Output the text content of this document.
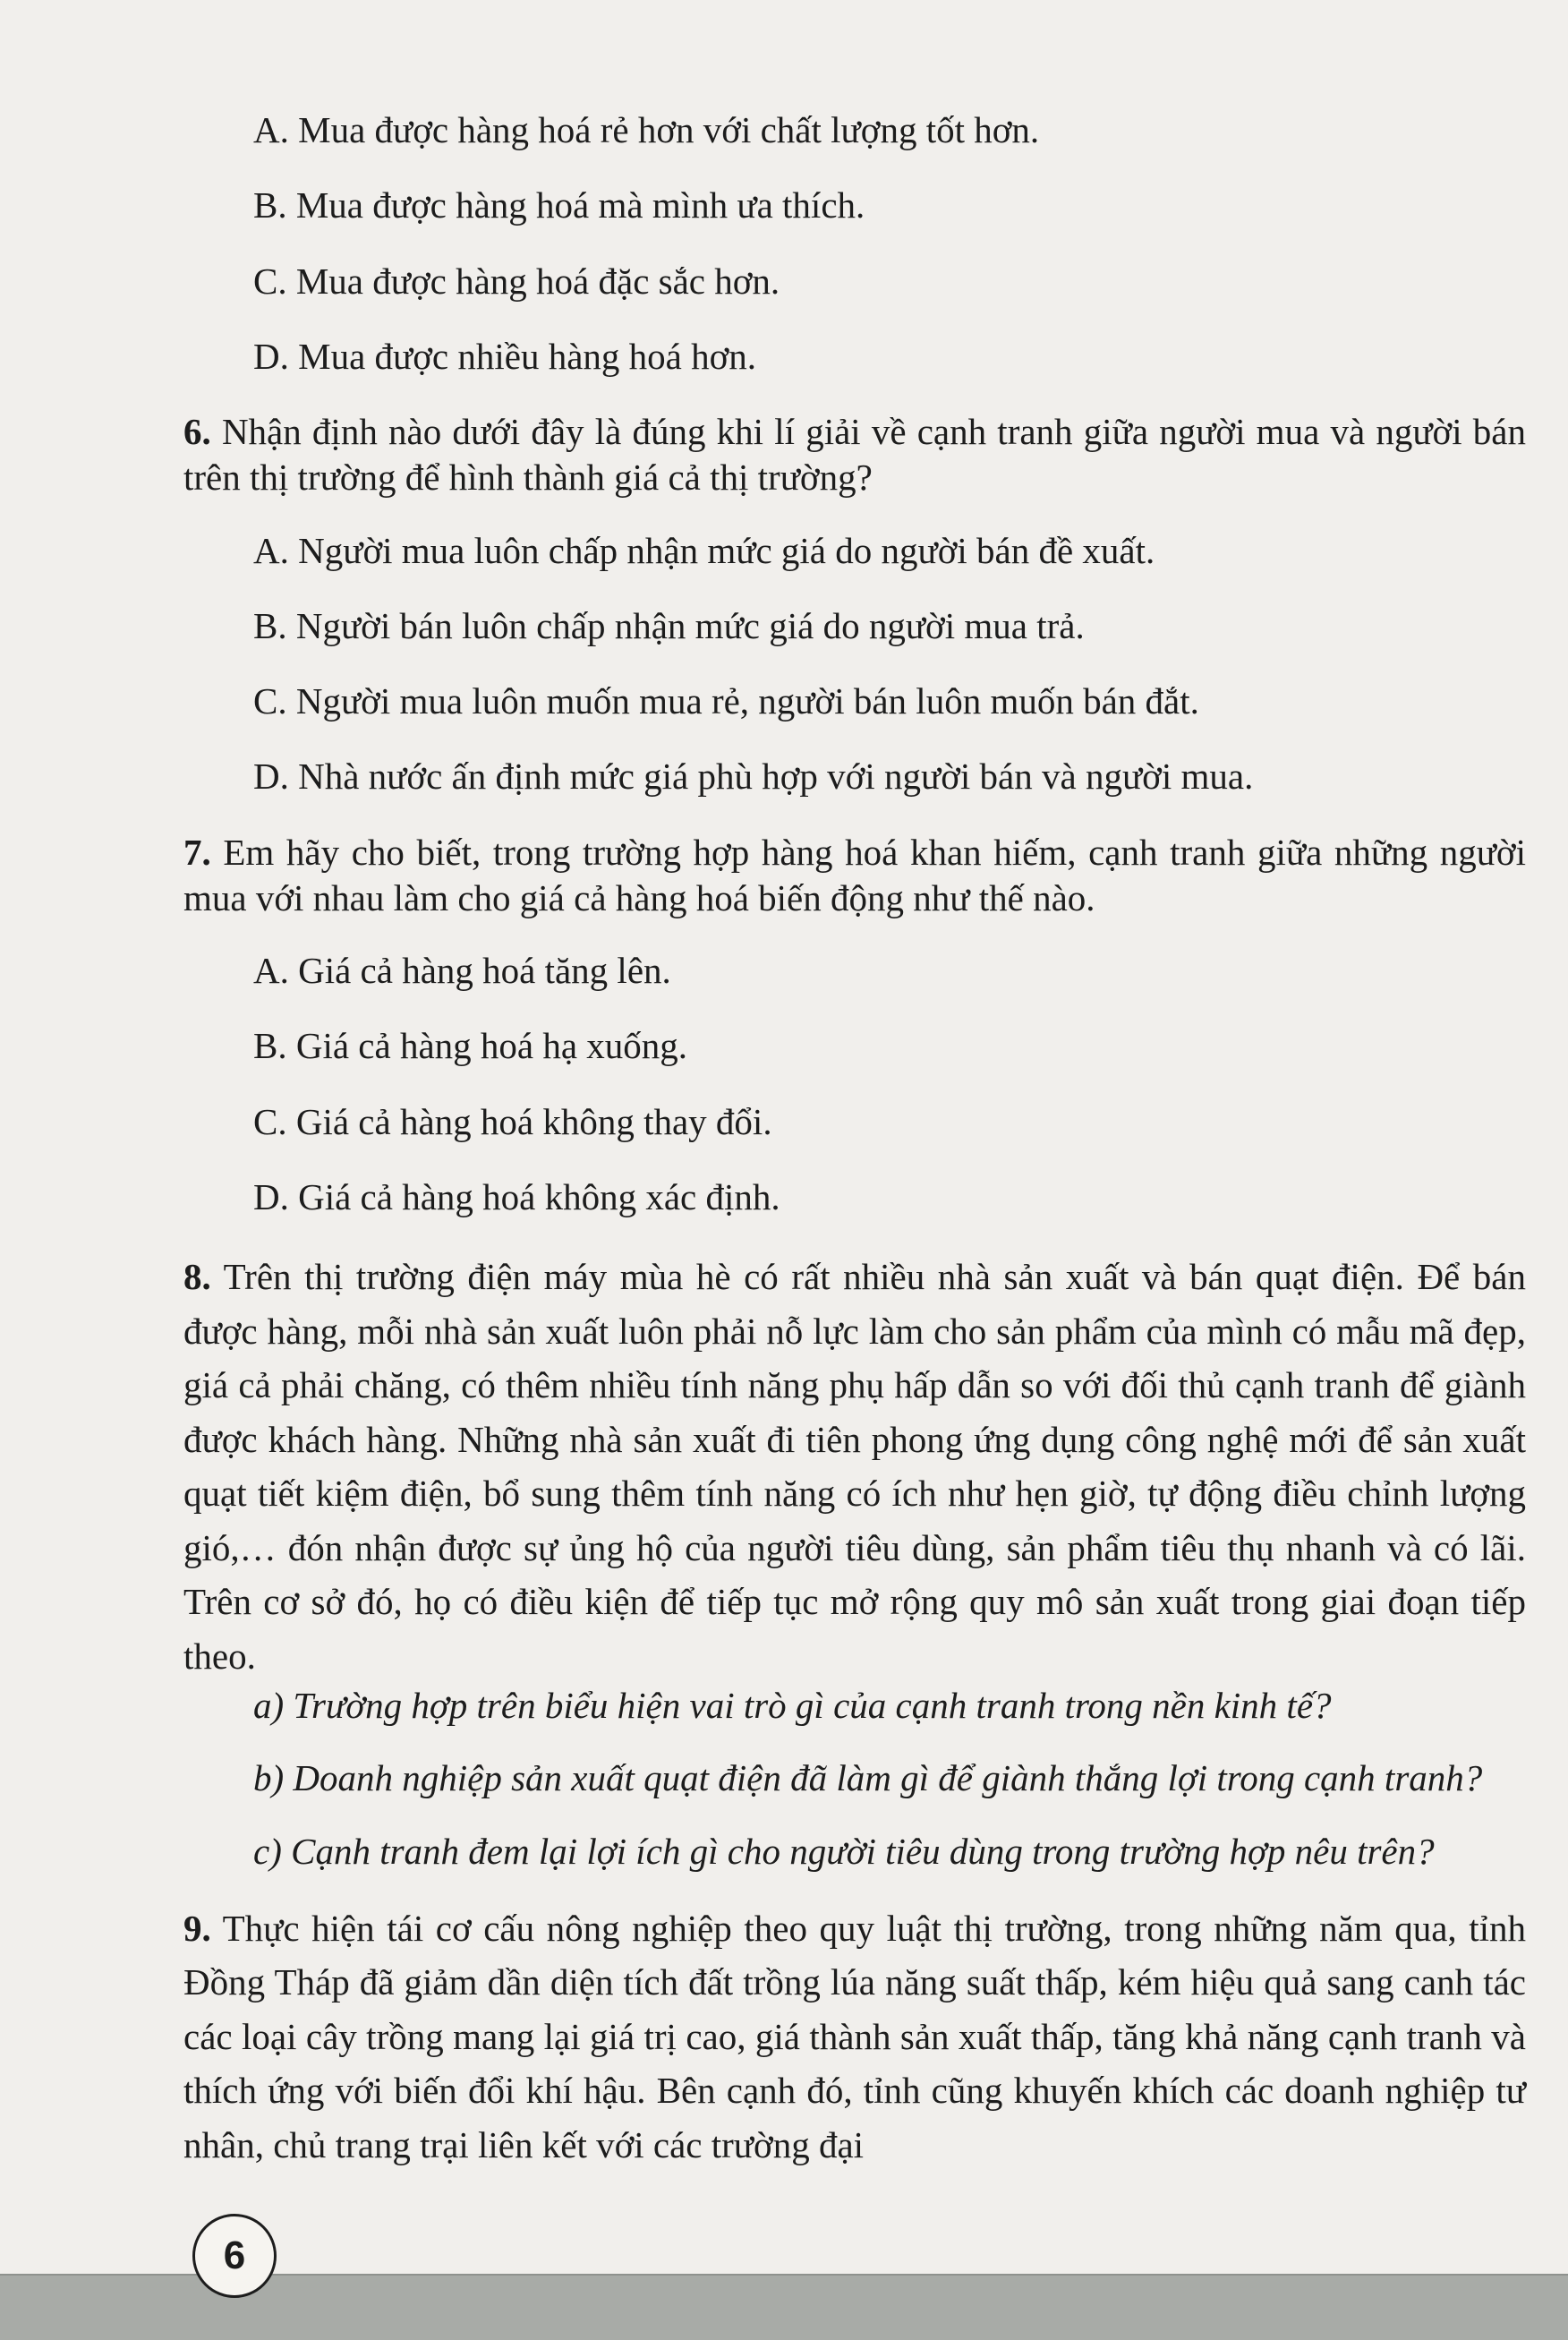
A. Mua được hàng hoá rẻ hơn với chất lượng tốt hơn.

B. Mua được hàng hoá mà mình ưa thích.

C. Mua được hàng hoá đặc sắc hơn.

D. Mua được nhiều hàng hoá hơn.

6. Nhận định nào dưới đây là đúng khi lí giải về cạnh tranh giữa người mua và người bán trên thị trường để hình thành giá cả thị trường?

A. Người mua luôn chấp nhận mức giá do người bán đề xuất.

B. Người bán luôn chấp nhận mức giá do người mua trả.

C. Người mua luôn muốn mua rẻ, người bán luôn muốn bán đắt.

D. Nhà nước ấn định mức giá phù hợp với người bán và người mua.

7. Em hãy cho biết, trong trường hợp hàng hoá khan hiếm, cạnh tranh giữa những người mua với nhau làm cho giá cả hàng hoá biến động như thế nào.

A. Giá cả hàng hoá tăng lên.

B. Giá cả hàng hoá hạ xuống.

C. Giá cả hàng hoá không thay đổi.

D. Giá cả hàng hoá không xác định.

8. Trên thị trường điện máy mùa hè có rất nhiều nhà sản xuất và bán quạt điện. Để bán được hàng, mỗi nhà sản xuất luôn phải nỗ lực làm cho sản phẩm của mình có mẫu mã đẹp, giá cả phải chăng, có thêm nhiều tính năng phụ hấp dẫn so với đối thủ cạnh tranh để giành được khách hàng. Những nhà sản xuất đi tiên phong ứng dụng công nghệ mới để sản xuất quạt tiết kiệm điện, bổ sung thêm tính năng có ích như hẹn giờ, tự động điều chỉnh lượng gió,… đón nhận được sự ủng hộ của người tiêu dùng, sản phẩm tiêu thụ nhanh và có lãi. Trên cơ sở đó, họ có điều kiện để tiếp tục mở rộng quy mô sản xuất trong giai đoạn tiếp theo.

a) Trường hợp trên biểu hiện vai trò gì của cạnh tranh trong nền kinh tế?

b) Doanh nghiệp sản xuất quạt điện đã làm gì để giành thắng lợi trong cạnh tranh?

c) Cạnh tranh đem lại lợi ích gì cho người tiêu dùng trong trường hợp nêu trên?

9. Thực hiện tái cơ cấu nông nghiệp theo quy luật thị trường, trong những năm qua, tỉnh Đồng Tháp đã giảm dần diện tích đất trồng lúa năng suất thấp, kém hiệu quả sang canh tác các loại cây trồng mang lại giá trị cao, giá thành sản xuất thấp, tăng khả năng cạnh tranh và thích ứng với biến đổi khí hậu. Bên cạnh đó, tỉnh cũng khuyến khích các doanh nghiệp tư nhân, chủ trang trại liên kết với các trường đại

6
